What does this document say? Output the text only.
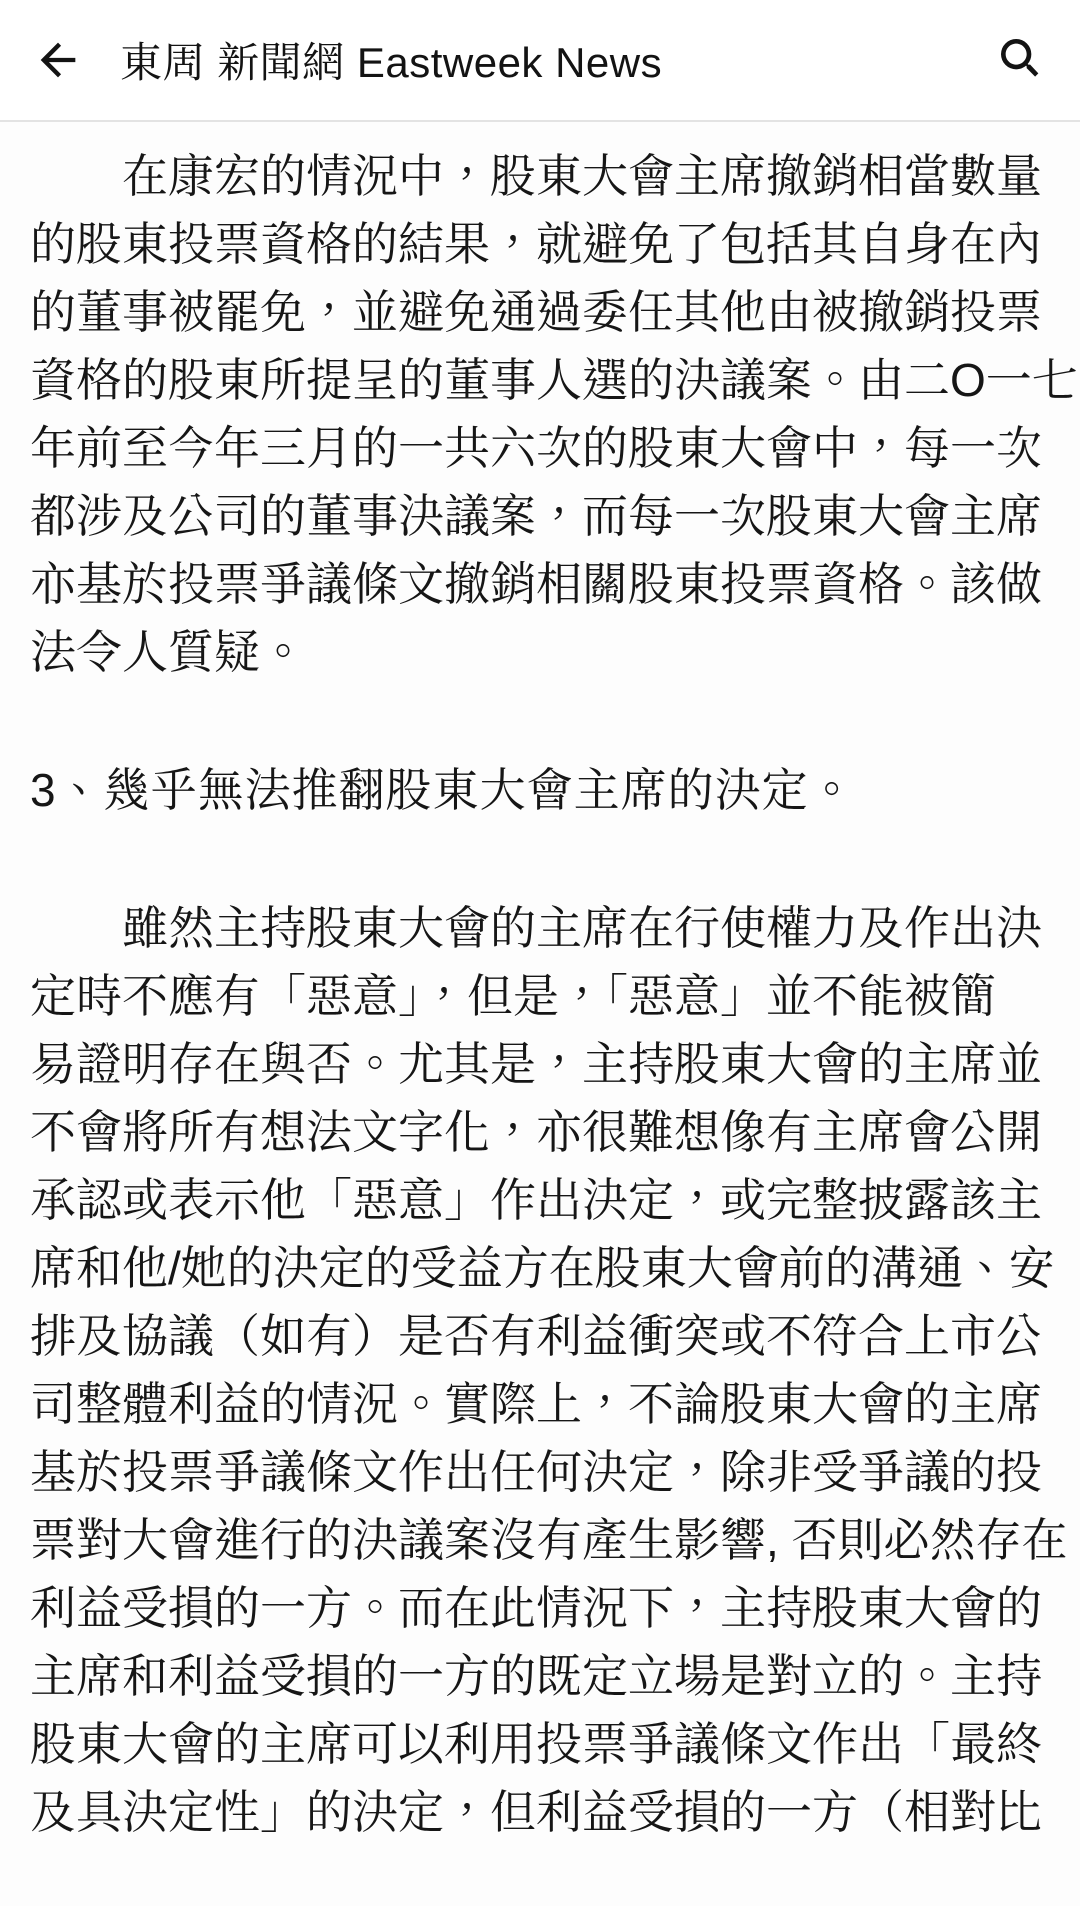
東周 新聞網 Eastweek News
在康宏的情況中，股東大會主席撤銷相當數量
的股東投票資格的結果，就避免了包括其自身在內
的董事被罷免，並避免通過委任其他由被撤銷投票
資格的股東所提呈的董事人選的決議案。由二O一七
年前至今年三月的一共六次的股東大會中，每一次
都涉及公司的董事決議案，而每一次股東大會主席
亦基於投票爭議條文撤銷相關股東投票資格。該做
法令人質疑。
3、幾乎無法推翻股東大會主席的決定。
雖然主持股東大會的主席在行使權力及作出決
定時不應有「惡意」，但是，「惡意」並不能被簡
易證明存在與否。尤其是，主持股東大會的主席並
不會將所有想法文字化，亦很難想像有主席會公開
承認或表示他「惡意」作出決定，或完整披露該主
席和他/她的決定的受益方在股東大會前的溝通、安
排及協議（如有）是否有利益衝突或不符合上市公
司整體利益的情況。實際上，不論股東大會的主席
基於投票爭議條文作出任何決定，除非受爭議的投
票對大會進行的決議案沒有產生影響, 否則必然存在
利益受損的一方。而在此情況下，主持股東大會的
主席和利益受損的一方的既定立場是對立的。主持
股東大會的主席可以利用投票爭議條文作出「最終
及具決定性」的決定，但利益受損的一方（相對比
